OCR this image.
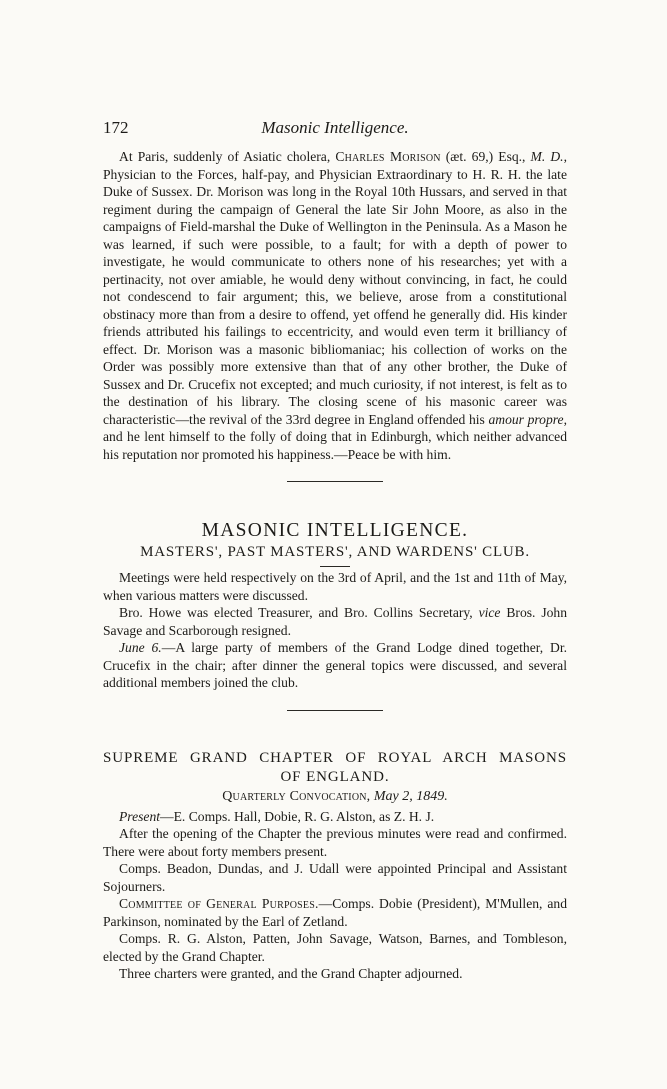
172	Masonic Intelligence.

At Paris, suddenly of Asiatic cholera, Charles Morison (æt. 69,) Esq., M. D., Physician to the Forces, half-pay, and Physician Extraordinary to H. R. H. the late Duke of Sussex. Dr. Morison was long in the Royal 10th Hussars, and served in that regiment during the campaign of General the late Sir John Moore, as also in the campaigns of Field-marshal the Duke of Wellington in the Peninsula. As a Mason he was learned, if such were possible, to a fault; for with a depth of power to investigate, he would communicate to others none of his researches; yet with a pertinacity, not over amiable, he would deny without convincing, in fact, he could not condescend to fair argument; this, we believe, arose from a constitutional obstinacy more than from a desire to offend, yet offend he generally did. His kinder friends attributed his failings to eccentricity, and would even term it brilliancy of effect. Dr. Morison was a masonic bibliomaniac; his collection of works on the Order was possibly more extensive than that of any other brother, the Duke of Sussex and Dr. Crucefix not excepted; and much curiosity, if not interest, is felt as to the destination of his library. The closing scene of his masonic career was characteristic—the revival of the 33rd degree in England offended his amour propre, and he lent himself to the folly of doing that in Edinburgh, which neither advanced his reputation nor promoted his happiness.—Peace be with him.

MASONIC INTELLIGENCE.
MASTERS', PAST MASTERS', AND WARDENS' CLUB.

Meetings were held respectively on the 3rd of April, and the 1st and 11th of May, when various matters were discussed.

Bro. Howe was elected Treasurer, and Bro. Collins Secretary, vice Bros. John Savage and Scarborough resigned.

June 6.—A large party of members of the Grand Lodge dined together, Dr. Crucefix in the chair; after dinner the general topics were discussed, and several additional members joined the club.

SUPREME GRAND CHAPTER OF ROYAL ARCH MASONS
OF ENGLAND.
Quarterly Convocation, May 2, 1849.

Present—E. Comps. Hall, Dobie, R. G. Alston, as Z. H. J.

After the opening of the Chapter the previous minutes were read and confirmed. There were about forty members present.

Comps. Beadon, Dundas, and J. Udall were appointed Principal and Assistant Sojourners.

Committee of General Purposes.—Comps. Dobie (President), M'Mullen, and Parkinson, nominated by the Earl of Zetland.

Comps. R. G. Alston, Patten, John Savage, Watson, Barnes, and Tombleson, elected by the Grand Chapter.

Three charters were granted, and the Grand Chapter adjourned.
